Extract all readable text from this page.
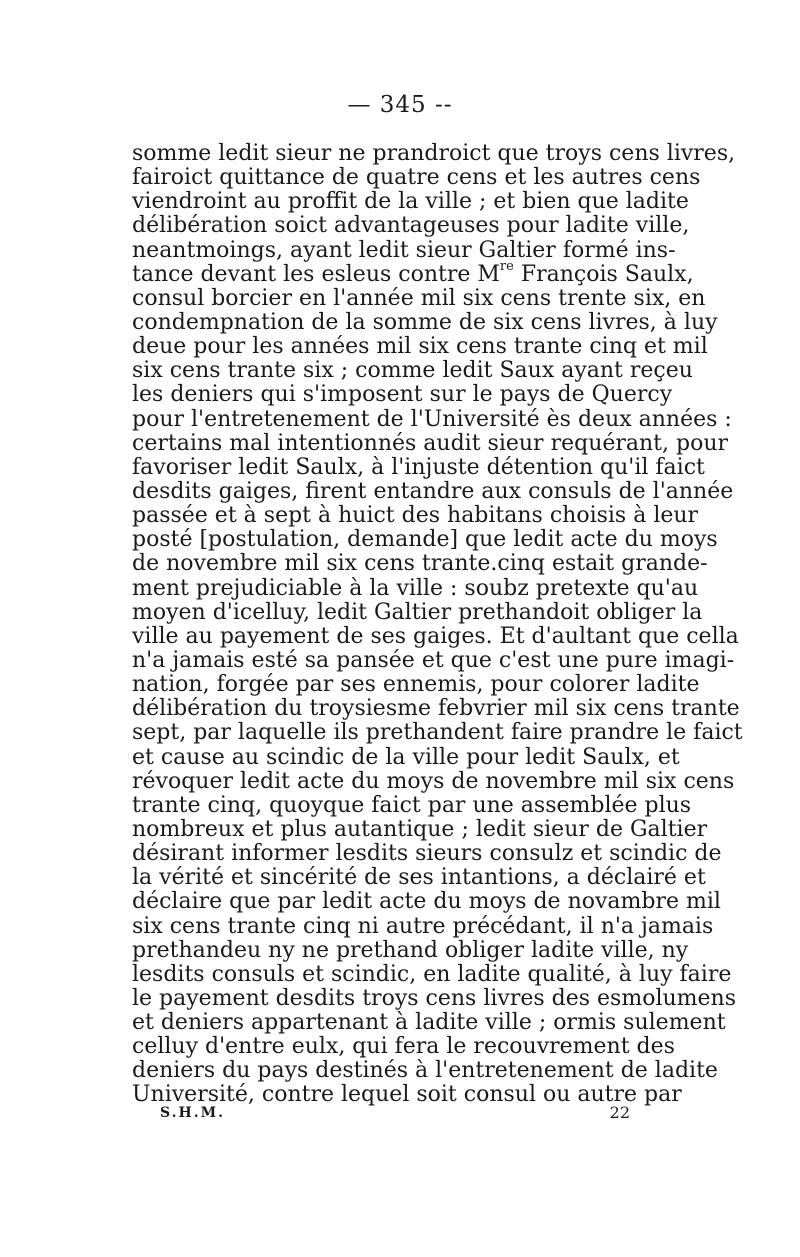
— 345 --
somme ledit sieur ne prandroict que troys cens livres,
fairoict quittance de quatre cens et les autres cens
viendroint au proffit de la ville ; et bien que ladite
délibération soict advantageuses pour ladite ville,
neantmoings, ayant ledit sieur Galtier formé ins-
tance devant les esleus contre Mre François Saulx,
consul borcier en l'année mil six cens trente six, en
condempnation de la somme de six cens livres, à luy
deue pour les années mil six cens trante cinq et mil
six cens trante six ; comme ledit Saux ayant reçeu
les deniers qui s'imposent sur le pays de Quercy
pour l'entretenement de l'Université ès deux années :
certains mal intentionnés audit sieur requérant, pour
favoriser ledit Saulx, à l'injuste détention qu'il faict
desdits gaiges, firent entandre aux consuls de l'année
passée et à sept à huict des habitans choisis à leur
posté [postulation, demande] que ledit acte du moys
de novembre mil six cens trante.cinq estait grande-
ment prejudiciable à la ville : soubz pretexte qu'au
moyen d'icelluy, ledit Galtier prethandoit obliger la
ville au payement de ses gaiges. Et d'aultant que cella
n'a jamais esté sa pansée et que c'est une pure imagi-
nation, forgée par ses ennemis, pour colorer ladite
délibération du troysiesme febvrier mil six cens trante
sept, par laquelle ils prethandent faire prandre le faict
et cause au scindic de la ville pour ledit Saulx, et
révoquer ledit acte du moys de novembre mil six cens
trante cinq, quoyque faict par une assemblée plus
nombreux et plus autantique ; ledit sieur de Galtier
désirant informer lesdits sieurs consulz et scindic de
la vérité et sincérité de ses intantions, a déclairé et
déclaire que par ledit acte du moys de novambre mil
six cens trante cinq ni autre précédant, il n'a jamais
prethandeu ny ne prethand obliger ladite ville, ny
lesdits consuls et scindic, en ladite qualité, à luy faire
le payement desdits troys cens livres des esmolumens
et deniers appartenant à ladite ville ; ormis sulement
celluy d'entre eulx, qui fera le recouvrement des
deniers du pays destinés à l'entretenement de ladite
Université, contre lequel soit consul ou autre par
S.H.M.	22
